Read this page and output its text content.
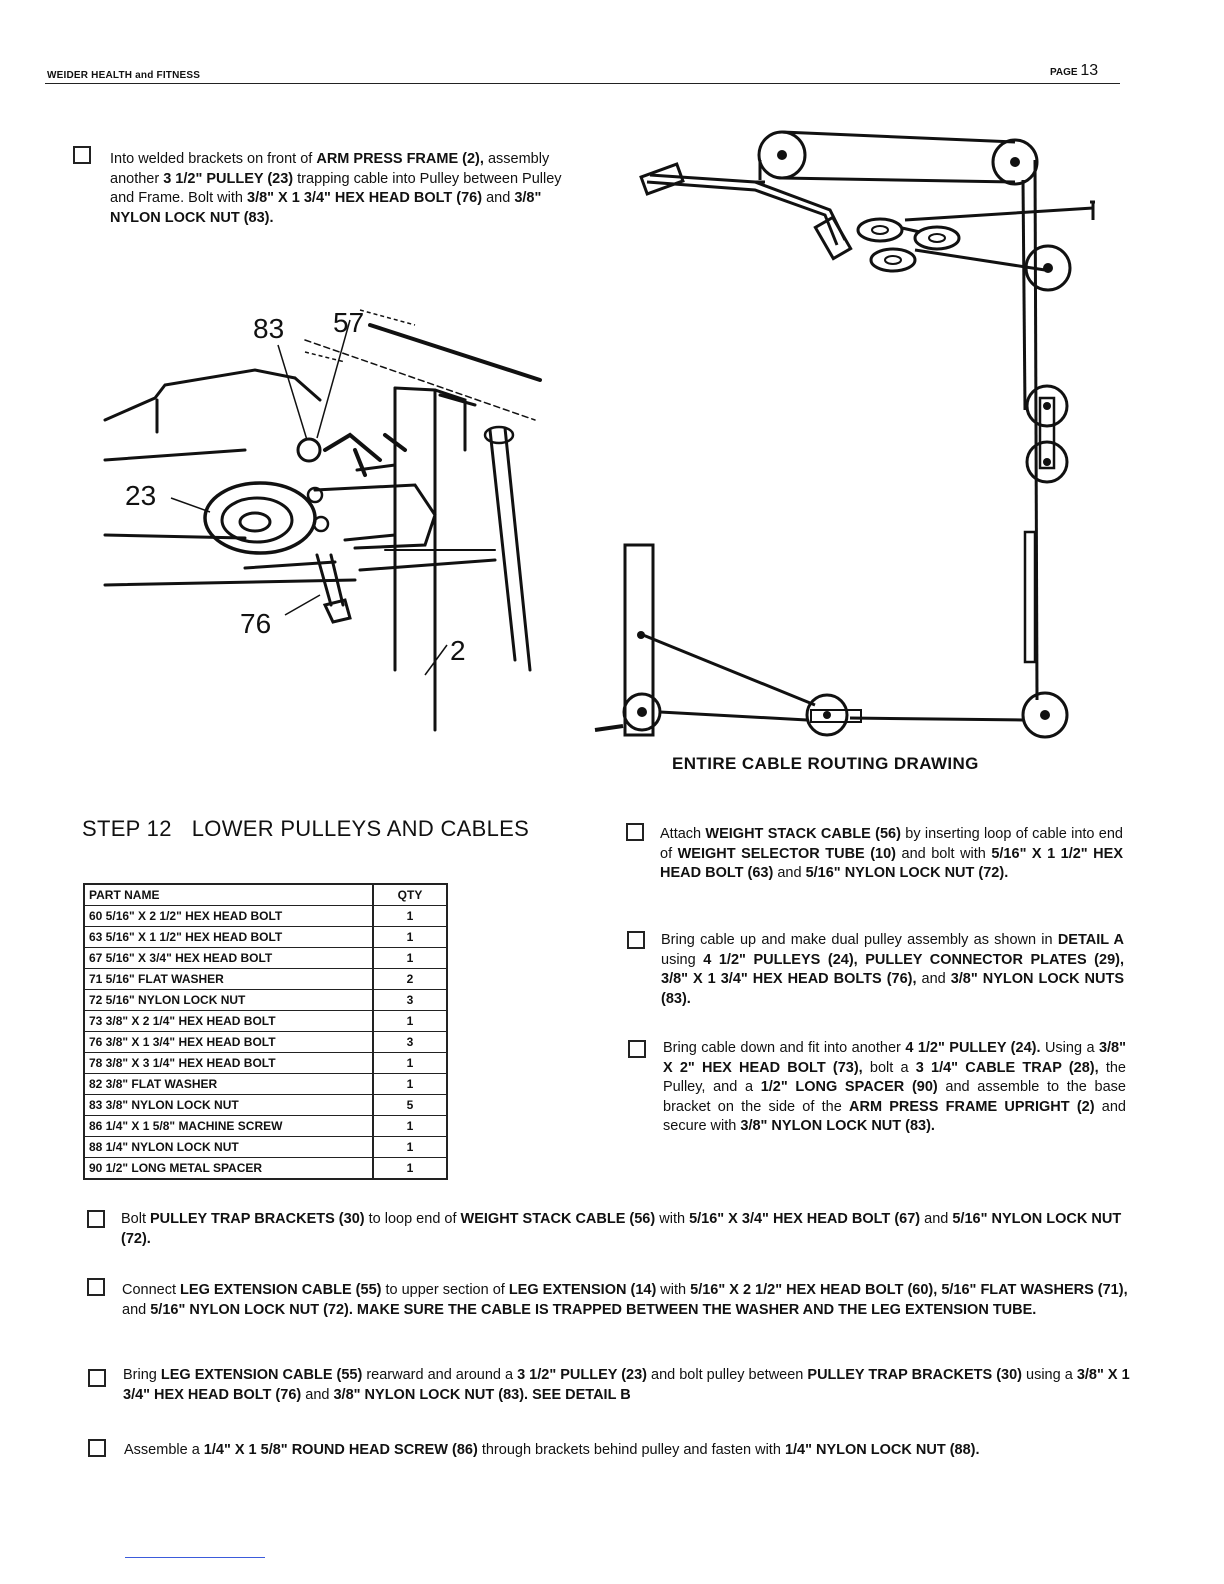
WEIDER HEALTH and FITNESS	PAGE 13
Into welded brackets on front of ARM PRESS FRAME (2), assembly another 3 1/2" PULLEY (23) trapping cable into Pulley between Pulley and Frame. Bolt with 3/8" X 1 3/4" HEX HEAD BOLT (76) and 3/8" NYLON LOCK NUT (83).
83 57
23
76
2
ENTIRE CABLE ROUTING DRAWING
STEP 12 LOWER PULLEYS AND CABLES
PART NAME	QTY
60 5/16" X 2 1/2" HEX HEAD BOLT	1
63 5/16" X 1 1/2" HEX HEAD BOLT	1
67 5/16" X 3/4" HEX HEAD BOLT	1
71 5/16" FLAT WASHER	2
72 5/16" NYLON LOCK NUT	3
73 3/8" X 2 1/4" HEX HEAD BOLT	1
76 3/8" X 1 3/4" HEX HEAD BOLT	3
78 3/8" X 3 1/4" HEX HEAD BOLT	1
82 3/8" FLAT WASHER	1
83 3/8" NYLON LOCK NUT	5
86 1/4" X 1 5/8" MACHINE SCREW	1
88 1/4" NYLON LOCK NUT	1
90 1/2" LONG METAL SPACER	1
Attach WEIGHT STACK CABLE (56) by inserting loop of cable into end of WEIGHT SELECTOR TUBE (10) and bolt with 5/16" X 1 1/2" HEX HEAD BOLT (63) and 5/16" NYLON LOCK NUT (72).
Bring cable up and make dual pulley assembly as shown in DETAIL A using 4 1/2" PULLEYS (24), PULLEY CONNECTOR PLATES (29), 3/8" X 1 3/4" HEX HEAD BOLTS (76), and 3/8" NYLON LOCK NUTS (83).
Bring cable down and fit into another 4 1/2" PULLEY (24). Using a 3/8" X 2" HEX HEAD BOLT (73), bolt a 3 1/4" CABLE TRAP (28), the Pulley, and a 1/2" LONG SPACER (90) and assemble to the base bracket on the side of the ARM PRESS FRAME UPRIGHT (2) and secure with 3/8" NYLON LOCK NUT (83).
Bolt PULLEY TRAP BRACKETS (30) to loop end of WEIGHT STACK CABLE (56) with 5/16" X 3/4" HEX HEAD BOLT (67) and 5/16" NYLON LOCK NUT (72).
Connect LEG EXTENSION CABLE (55) to upper section of LEG EXTENSION (14) with 5/16" X 2 1/2" HEX HEAD BOLT (60), 5/16" FLAT WASHERS (71), and 5/16" NYLON LOCK NUT (72). MAKE SURE THE CABLE IS TRAPPED BETWEEN THE WASHER AND THE LEG EXTENSION TUBE.
Bring LEG EXTENSION CABLE (55) rearward and around a 3 1/2" PULLEY (23) and bolt pulley between PULLEY TRAP BRACKETS (30) using a 3/8" X 1 3/4" HEX HEAD BOLT (76) and 3/8" NYLON LOCK NUT (83). SEE DETAIL B
Assemble a 1/4" X 1 5/8" ROUND HEAD SCREW (86) through brackets behind pulley and fasten with 1/4" NYLON LOCK NUT (88).
